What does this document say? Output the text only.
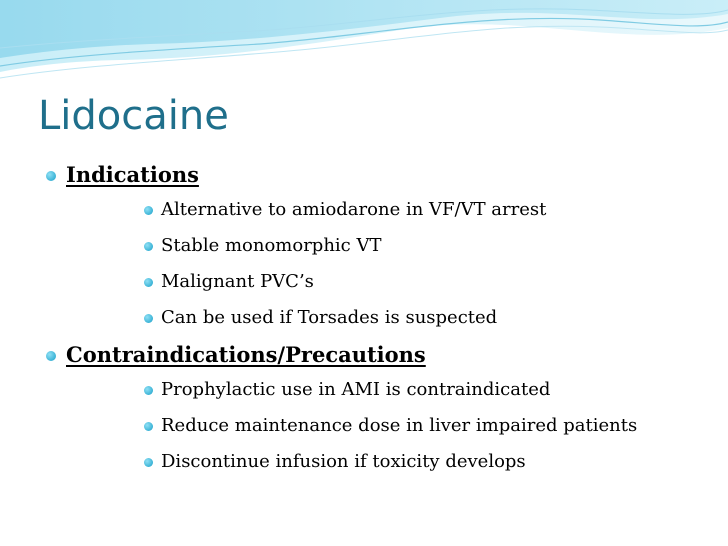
Lidocaine
Indications
Alternative to amiodarone in VF/VT arrest
Stable monomorphic VT
Malignant PVC’s
Can be used if Torsades is suspected
Contraindications/Precautions
Prophylactic use in AMI is contraindicated
Reduce maintenance dose in liver impaired patients
Discontinue infusion if toxicity develops
